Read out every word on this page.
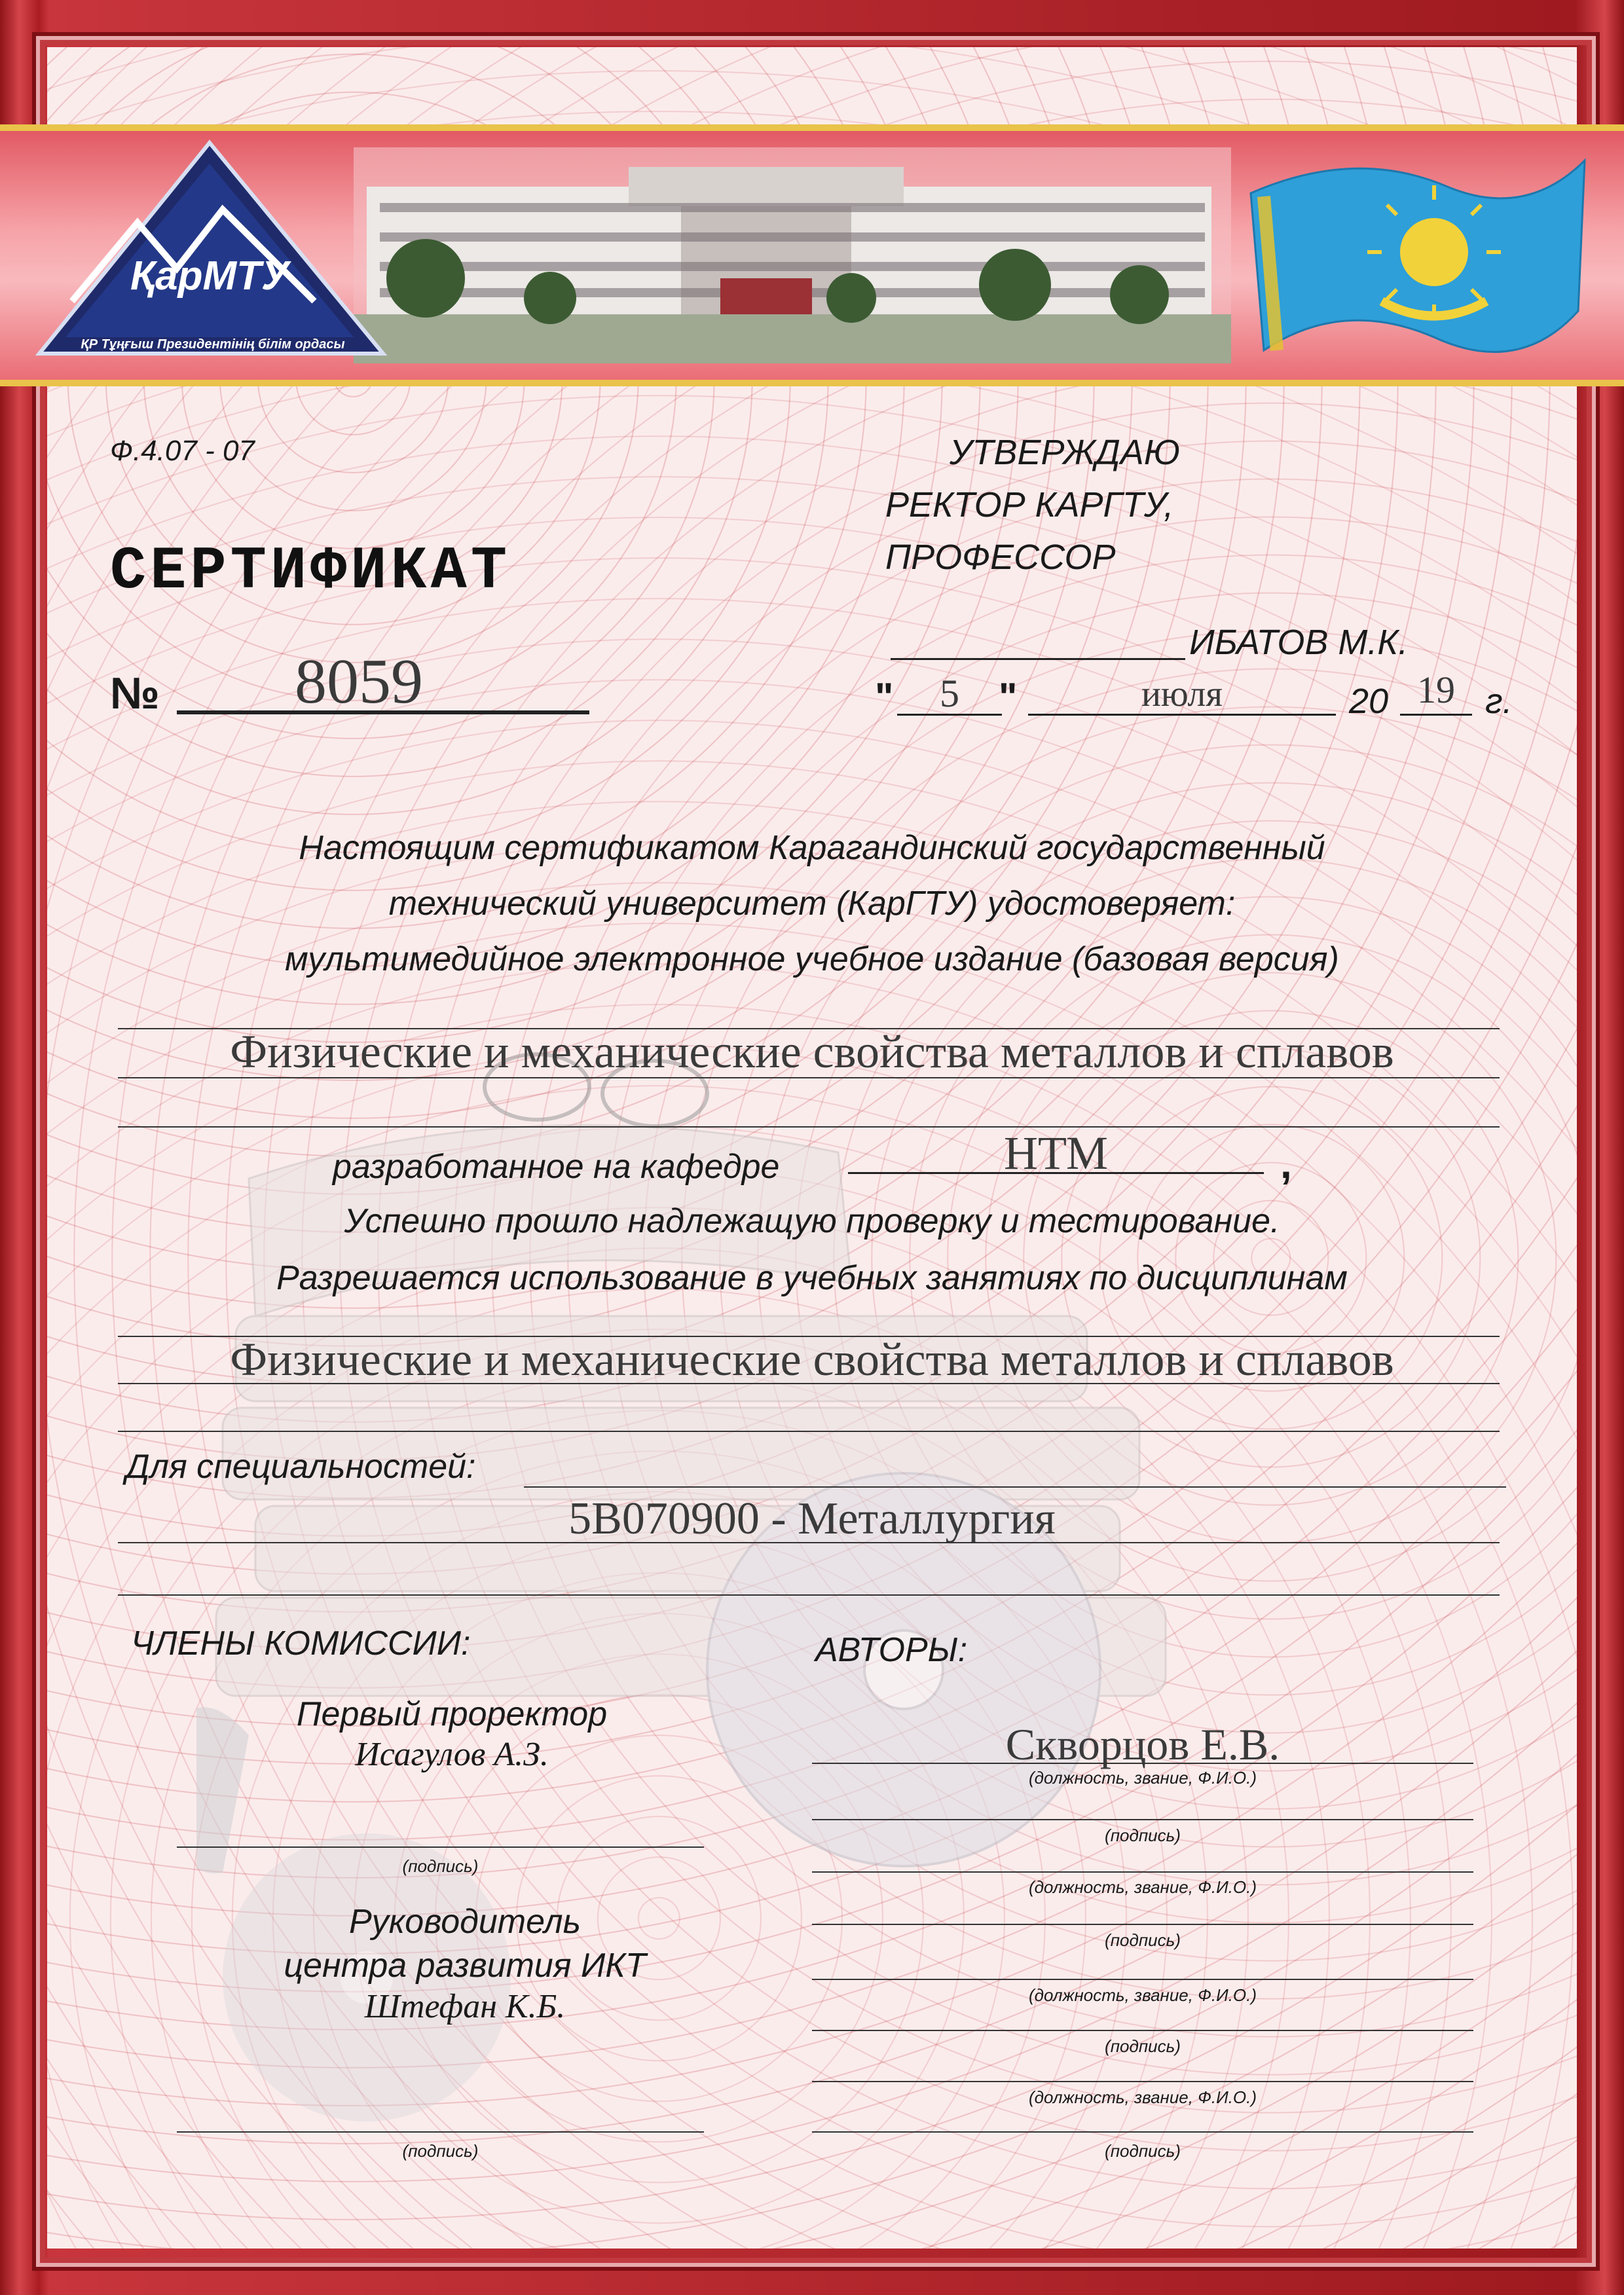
ҚарМТУ
ҚР Тұңғыш Президентінің білім ордасы
Ф.4.07 - 07	УТВЕРЖДАЮ
РЕКТОР КАРГТУ,
ПРОФЕССОР
ИБАТОВ М.К.
"	5	"	июля	20 19 г.
СЕРТИФИКАТ
№ 8059
Настоящим сертификатом Карагандинский государственный
технический университет (КарГТУ) удостоверяет:
мультимедийное электронное учебное издание (базовая версия)
Физические и механические свойства металлов и сплавов
разработанное на кафедре	НТМ	,
Успешно прошло надлежащую проверку и тестирование.
Разрешается использование в учебных занятиях по дисциплинам
Физические и механические свойства металлов и сплавов
Для специальностей:
5В070900 - Металлургия
ЧЛЕНЫ КОМИССИИ:
Первый проректор
Исагулов А.З.
(подпись)
Руководитель
центра развития ИКТ
Штефан К.Б.
(подпись)
АВТОРЫ:
Скворцов Е.В.
(должность, звание, Ф.И.О.)
(подпись)
(должность, звание, Ф.И.О.)
(подпись)
(должность, звание, Ф.И.О.)
(подпись)
(должность, звание, Ф.И.О.)
(подпись)
